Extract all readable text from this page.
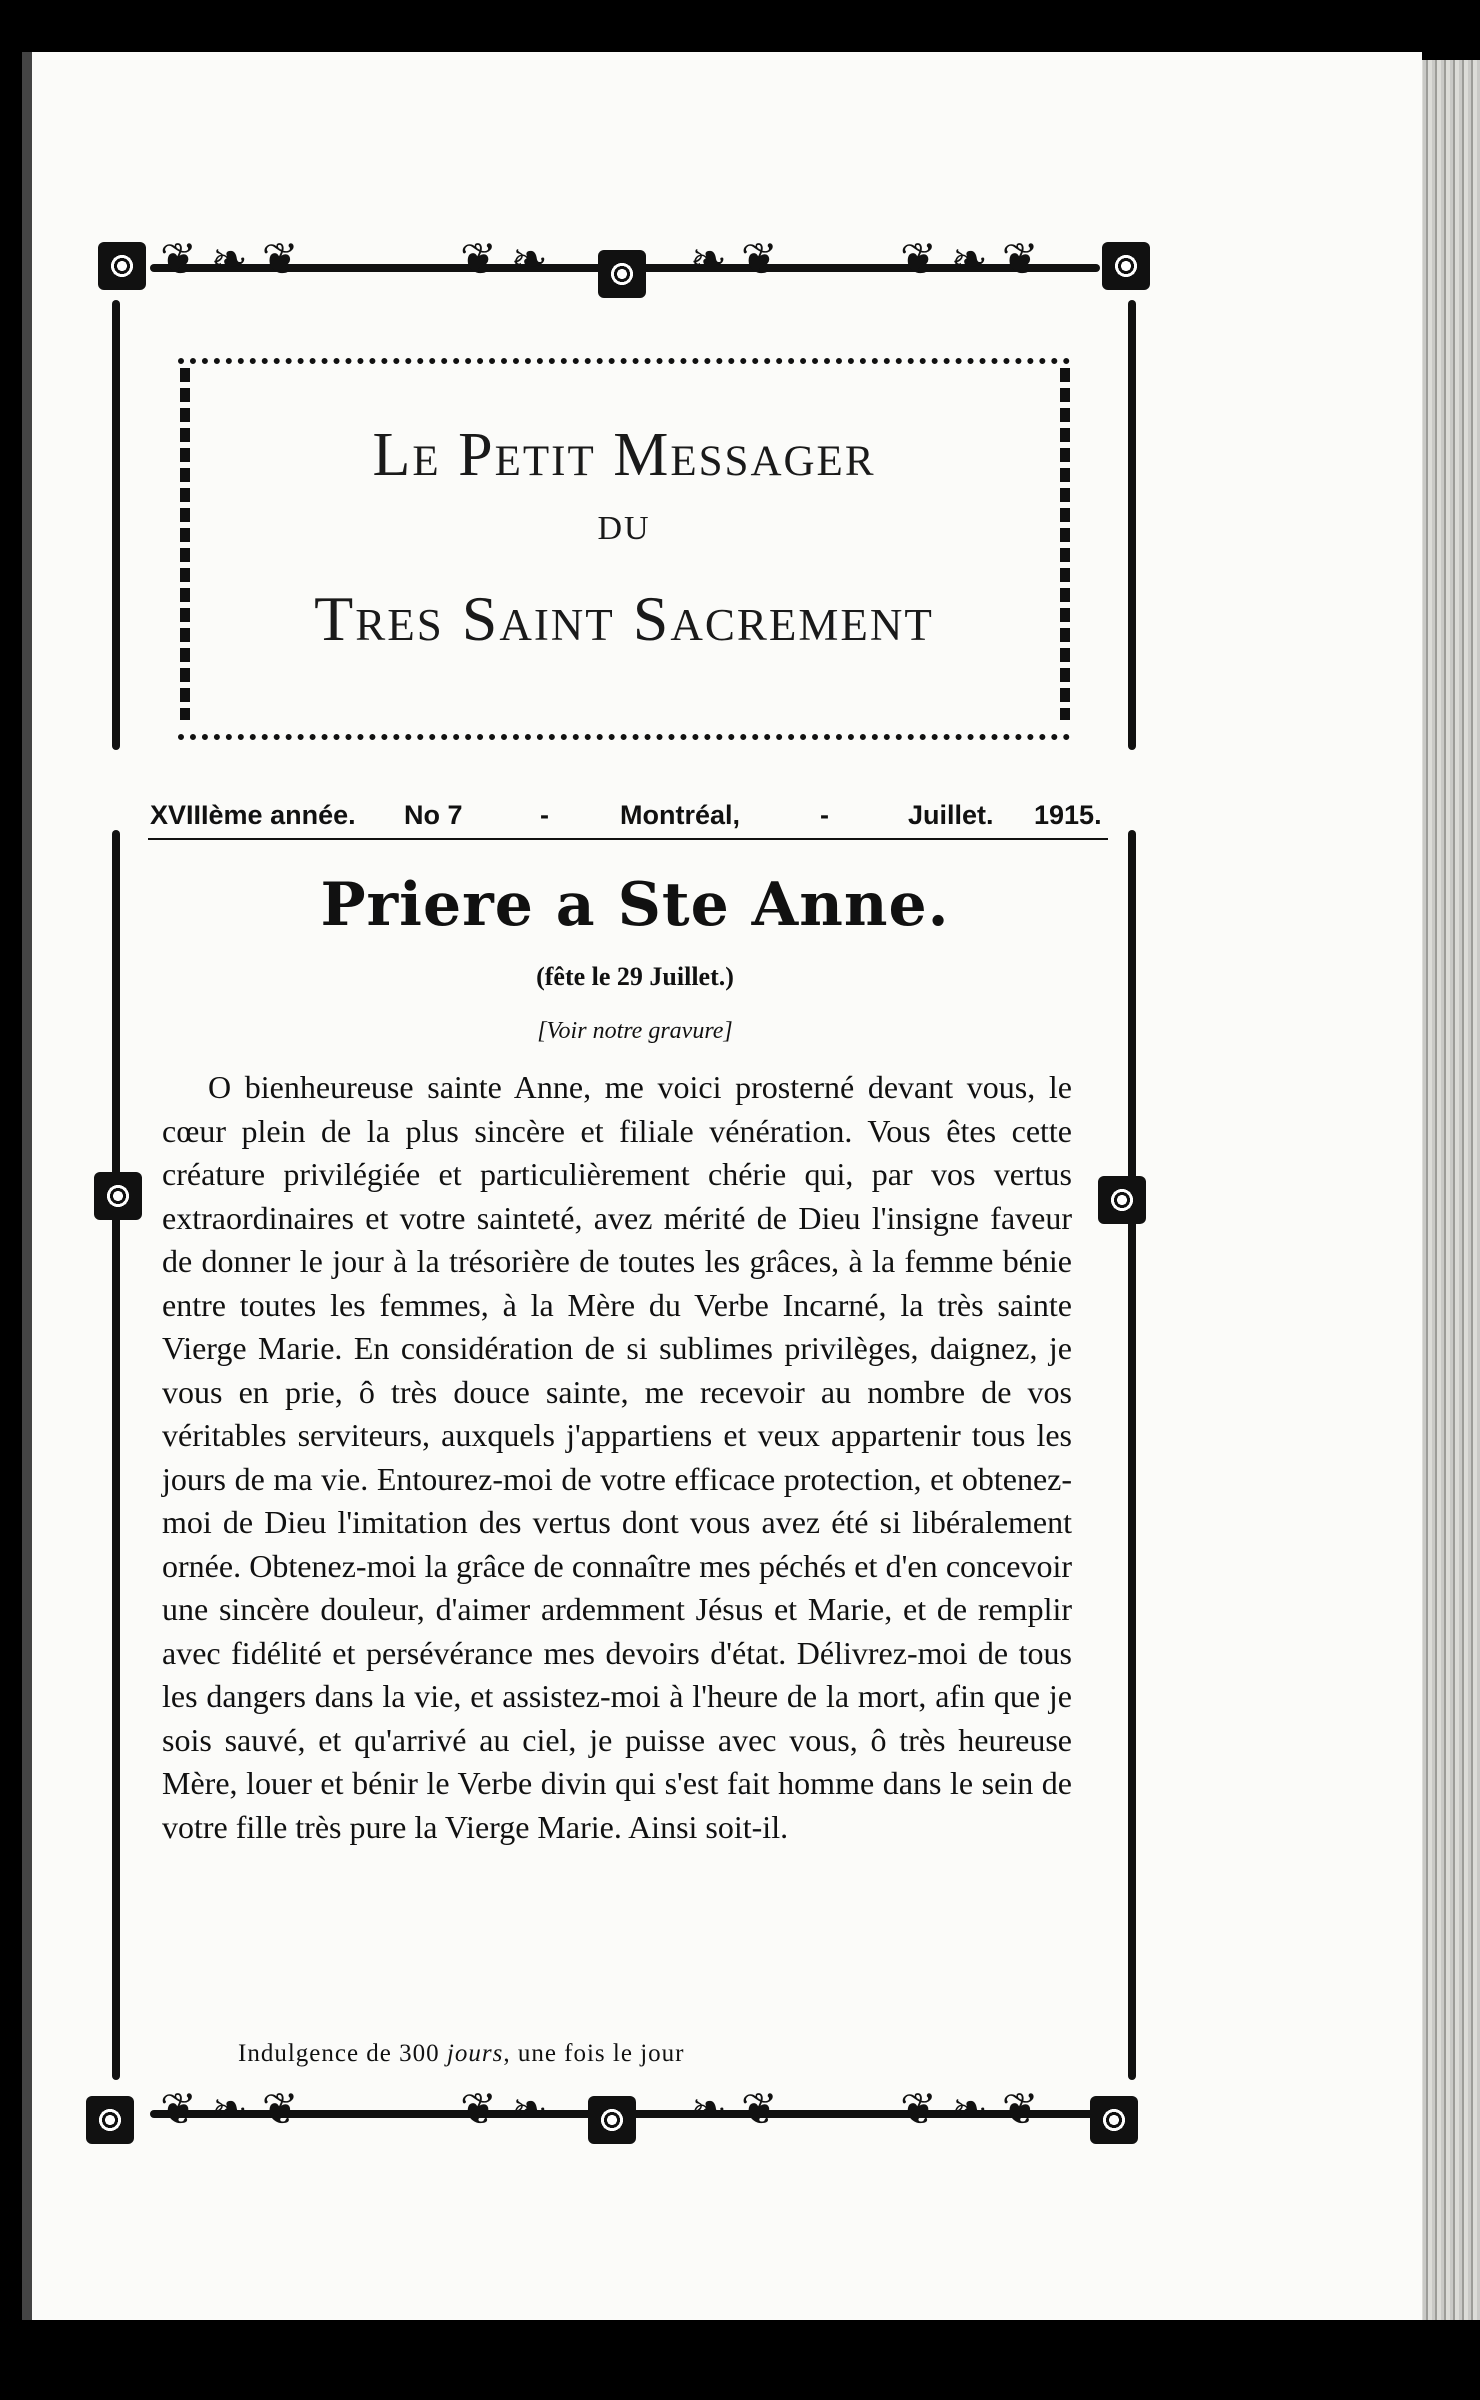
❦ ❧ ❦	❦ ❧	❧ ❦	❦ ❧ ❦
❦ ❧ ❦	❦ ❧	❧ ❦	❦ ❧ ❦
Le Petit Messager
DU
Tres Saint Sacrement
XVIIIème année. No 7	-	Montréal,	-	Juillet. 1915.
Priere a Ste Anne.
(fête le 29 Juillet.)
[Voir notre gravure]
O bienheureuse sainte Anne, me voici prosterné devant vous, le cœur plein de la plus sincère et filiale vénération. Vous êtes cette créature privilégiée et particulièrement chérie qui, par vos vertus extraordinaires et votre sainteté, avez mérité de Dieu l'insigne faveur de donner le jour à la trésorière de toutes les grâces, à la femme bénie entre toutes les femmes, à la Mère du Verbe Incarné, la très sainte Vierge Marie. En considération de si sublimes privilèges, daignez, je vous en prie, ô très douce sainte, me recevoir au nombre de vos véritables serviteurs, auxquels j'appartiens et veux appartenir tous les jours de ma vie. Entourez-moi de votre efficace protection, et obtenez-moi de Dieu l'imitation des vertus dont vous avez été si libéralement ornée. Obtenez-moi la grâce de connaître mes péchés et d'en concevoir une sincère douleur, d'aimer ardemment Jésus et Marie, et de remplir avec fidélité et persévérance mes devoirs d'état. Délivrez-moi de tous les dangers dans la vie, et assistez-moi à l'heure de la mort, afin que je sois sauvé, et qu'arrivé au ciel, je puisse avec vous, ô très heureuse Mère, louer et bénir le Verbe divin qui s'est fait homme dans le sein de votre fille très pure la Vierge Marie. Ainsi soit-il.
Indulgence de 300 jours, une fois le jour
